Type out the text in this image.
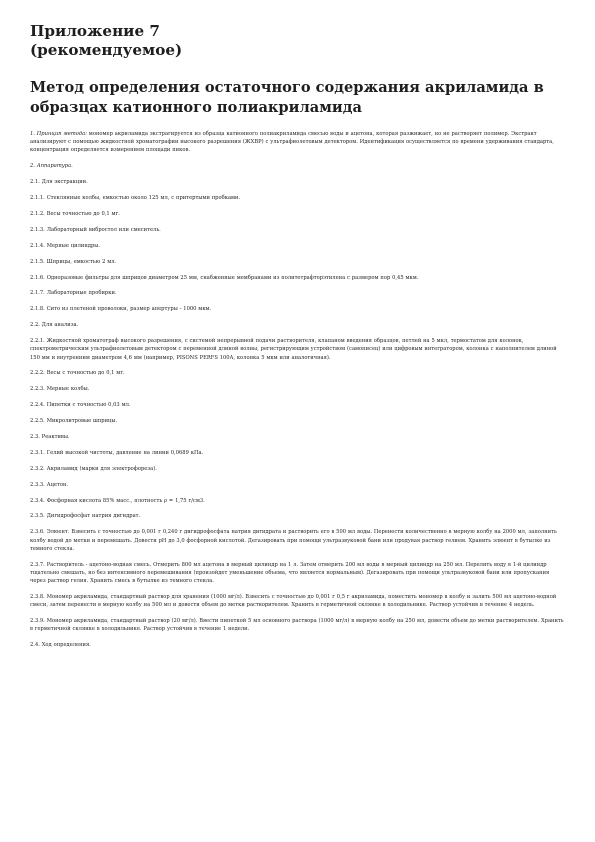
Приложение 7
(рекомендуемое)
Метод определения остаточного содержания акриламида в
образцах катионного полиакриламида

1. Принцип метода: мономер акриламида экстрагируется из образца катионного полиакриламида смесью воды и ацетона, которая разжижает, но не растворяет полимер. Экстракт анализируют с помощью жидкостной хроматографии высокого разрешения (ЖХВР) с ультрафиолетовым детектором. Идентификация осуществляется по времени удерживания стандарта, концентрация определяется измерением площади пиков.

2. Аппаратура.

2.1. Для экстракции.

2.1.1. Стеклянные колбы, емкостью около 125 мл, с притертыми пробками.

2.1.2. Весы точностью до 0,1 мг.

2.1.3. Лабораторный вибростол или смеситель.

2.1.4. Мерные цилиндры.

2.1.5. Шприцы, емкостью 2 мл.

2.1.6. Одноразовые фильтры для шприцов диаметром 25 мм, снабженные мембранами из политетрафторэтилена с размером пор 0,45 мкм.

2.1.7. Лабораторные пробирки.

2.1.8. Сито из плетеной проволоки, размер апертуры - 1000 мкм.

2.2. Для анализа.

2.2.1. Жидкостной хроматограф высокого разрешения, с системой непрерывной подачи растворителя, клапаном введения образцов, петлей на 5 мкл, термостатом для колонок, спектрометрическим ультрафиолетовым детектором с переменной длиной волны, регистрирующим устройством (самописец) или цифровым интегратором, колонка с наполнителем длиной 150 мм и внутренним диаметром 4,6 мм (например, PISONS PERFS 100A, колонка 5 мкм или аналогичная).

2.2.2. Весы с точностью до 0,1 мг.

2.2.3. Мерные колбы.

2.2.4. Пипетки с точностью 0,03 мл.

2.2.5. Микролитровые шприцы.

2.3. Реактивы.

2.3.1. Гелий высокой чистоты, давление на линии 0,0689 кПа.

2.3.2. Акриламид (марки для электрофореза).

2.3.3. Ацетон.

2.3.4. Фосфорная кислота 85% масс., плотность ρ = 1,75 г/см3.

2.3.5. Дигидрофосфат натрия дигидрат.

2.3.6. Элюент. Взвесить с точностью до 0,001 г 0,240 г дигидрофосфата натрия дигидрата и растворить его в 500 мл воды. Перенести количественно в мерную колбу на 2000 мл, заполнить колбу водой до метки и перемешать. Довести pH до 3,0 фосфорной кислотой. Дегазировать при помощи ультразвуковой бани или продувая раствор гелием. Хранить элюент в бутылке из темного стекла.

2.3.7. Растворитель - ацетоно-водная смесь. Отмерить 800 мл ацетона в мерный цилиндр на 1 л. Затем отмерить 200 мл воды в мерный цилиндр на 250 мл. Перелить воду в 1-й цилиндр тщательно смешать, но без интенсивного перемешивания (произойдет уменьшение объема, что является нормальным). Дегазировать при помощи ультразвуковой бани или пропускания через раствор гелия. Хранить смесь в бутылке из темного стекла.

2.3.8. Мономер акриламида, стандартный раствор для хранения (1000 мг/л). Взвесить с точностью до 0,001 г 0,5 г акриламида, поместить мономер в колбу и залить 500 мл ацетоно-водной смеси, затем перенести в мерную колбу на 500 мл и довести объем до метки растворителем. Хранить в герметичной склянке в холодильнике. Раствор устойчив в течение 4 недель.

2.3.9. Мономер акриламида, стандартный раствор (20 мг/л). Ввести пипеткой 5 мл основного раствора (1000 мг/л) в мерную колбу на 250 мл, довести объем до метки растворителем. Хранить в герметичной склянке в холодильнике. Раствор устойчив в течение 1 недели.

2.4. Ход определения.
